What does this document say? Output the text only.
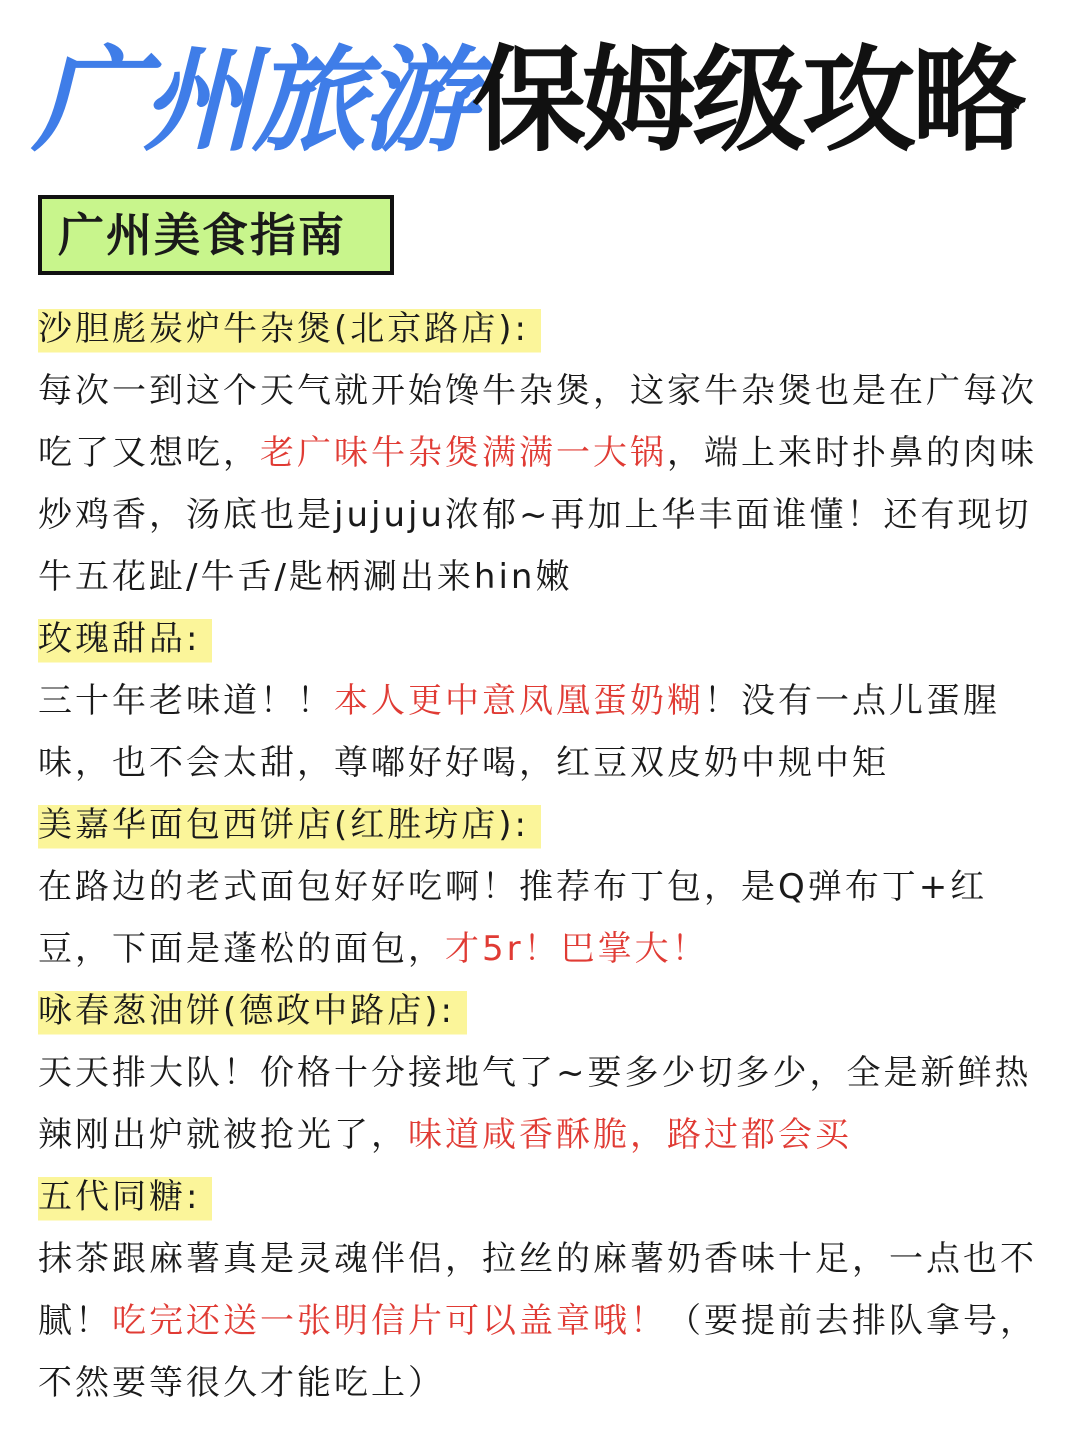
广州旅游保姆级攻略
广州美食指南
沙胆彪炭炉牛杂煲(北京路店):
每次一到这个天气就开始馋牛杂煲，这家牛杂煲也是在广每次吃了又想吃，老广味牛杂煲满满一大锅，端上来时扑鼻的肉味炒鸡香，汤底也是jujuju浓郁~再加上华丰面谁懂！还有现切牛五花趾/牛舌/匙柄涮出来hin嫩
玫瑰甜品:
三十年老味道！！本人更中意凤凰蛋奶糊！没有一点儿蛋腥味，也不会太甜，尊嘟好好喝，红豆双皮奶中规中矩
美嘉华面包西饼店(红胜坊店):
在路边的老式面包好好吃啊！推荐布丁包，是Q弹布丁+红豆，下面是蓬松的面包，才5r！巴掌大！
咏春葱油饼(德政中路店):
天天排大队！价格十分接地气了~要多少切多少，全是新鲜热辣刚出炉就被抢光了，味道咸香酥脆，路过都会买
五代同糖:
抹茶跟麻薯真是灵魂伴侣，拉丝的麻薯奶香味十足，一点也不腻！吃完还送一张明信片可以盖章哦！（要提前去排队拿号，不然要等很久才能吃上）
